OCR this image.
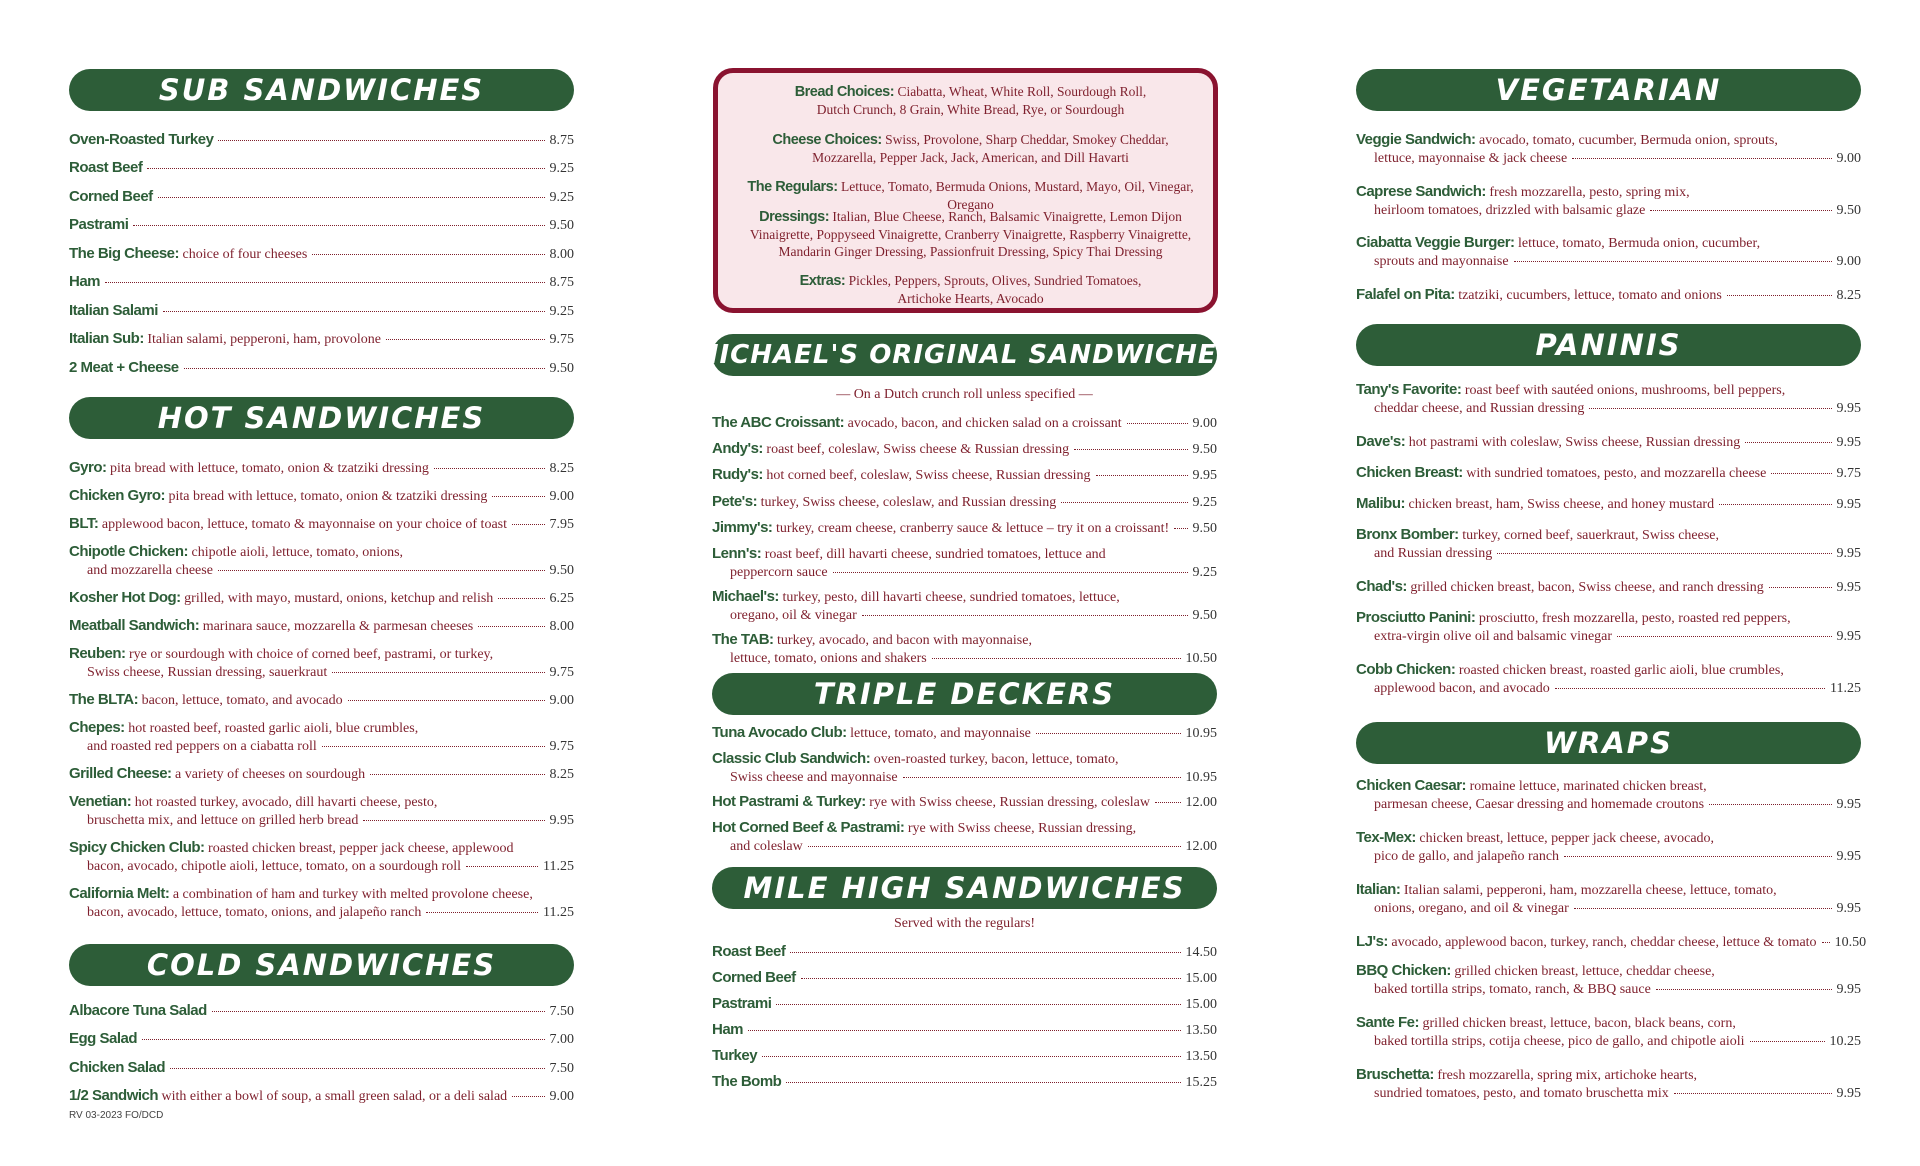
SUB SANDWICHES
Oven-Roasted Turkey	8.75
Roast Beef	9.25
Corned Beef	9.25
Pastrami	9.50
The Big Cheese:
choice of four cheeses	8.00
Ham	8.75
Italian Salami	9.25
Italian Sub:
Italian salami, pepperoni, ham, provolone	9.75
2 Meat + Cheese	9.50
HOT SANDWICHES
Gyro:
pita bread with lettuce, tomato, onion & tzatziki dressing	8.25
Chicken Gyro:
pita bread with lettuce, tomato, onion & tzatziki dressing	9.00
BLT:
applewood bacon, lettuce, tomato & mayonnaise on your choice of toast	7.95
Chipotle Chicken:
chipotle aioli, lettuce, tomato, onions,
and mozzarella cheese	9.50
Kosher Hot Dog:
grilled, with mayo, mustard, onions, ketchup and relish	6.25
Meatball Sandwich:
marinara sauce, mozzarella & parmesan cheeses	8.00
Reuben:
rye or sourdough with choice of corned beef, pastrami, or turkey,
Swiss cheese, Russian dressing, sauerkraut	9.75
The BLTA:
bacon, lettuce, tomato, and avocado	9.00
Chepes:
hot roasted beef, roasted garlic aioli, blue crumbles,
and roasted red peppers on a ciabatta roll	9.75
Grilled Cheese:
a variety of cheeses on sourdough	8.25
Venetian:
hot roasted turkey, avocado, dill havarti cheese, pesto,
bruschetta mix, and lettuce on grilled herb bread	9.95
Spicy Chicken Club:
roasted chicken breast, pepper jack cheese, applewood
bacon, avocado, chipotle aioli, lettuce, tomato, on a sourdough roll	11.25
California Melt:
a combination of ham and turkey with melted provolone cheese,
bacon, avocado, lettuce, tomato, onions, and jalapeño ranch	11.25
COLD SANDWICHES
Albacore Tuna Salad	7.50
Egg Salad	7.00
Chicken Salad	7.50
1/2 Sandwich
with either a bowl of soup, a small green salad, or a deli salad	9.00
Bread Choices: Ciabatta, Wheat, White Roll, Sourdough Roll,
Dutch Crunch, 8 Grain, White Bread, Rye, or Sourdough
Cheese Choices: Swiss, Provolone, Sharp Cheddar, Smokey Cheddar,
Mozzarella, Pepper Jack, Jack, American, and Dill Havarti
The Regulars: Lettuce, Tomato, Bermuda Onions, Mustard, Mayo, Oil, Vinegar, Oregano
Dressings: Italian, Blue Cheese, Ranch, Balsamic Vinaigrette, Lemon Dijon
Vinaigrette, Poppyseed Vinaigrette, Cranberry Vinaigrette, Raspberry Vinaigrette,
Mandarin Ginger Dressing, Passionfruit Dressing, Spicy Thai Dressing
Extras: Pickles, Peppers, Sprouts, Olives, Sundried Tomatoes,
Artichoke Hearts, Avocado
MICHAEL'S ORIGINAL SANDWICHES
— On a Dutch crunch roll unless specified —
The ABC Croissant:
avocado, bacon, and chicken salad on a croissant	9.00
Andy's:
roast beef, coleslaw, Swiss cheese & Russian dressing	9.50
Rudy's:
hot corned beef, coleslaw, Swiss cheese, Russian dressing	9.95
Pete's:
turkey, Swiss cheese, coleslaw, and Russian dressing	9.25
Jimmy's:
turkey, cream cheese, cranberry sauce & lettuce – try it on a croissant! 9.50
Lenn's:
roast beef, dill havarti cheese, sundried tomatoes, lettuce and
peppercorn sauce	9.25
Michael's:
turkey, pesto, dill havarti cheese, sundried tomatoes, lettuce,
oregano, oil & vinegar	9.50
The TAB:
turkey, avocado, and bacon with mayonnaise,
lettuce, tomato, onions and shakers	10.50
TRIPLE DECKERS
Tuna Avocado Club:
lettuce, tomato, and mayonnaise	10.95
Classic Club Sandwich:
oven-roasted turkey, bacon, lettuce, tomato,
Swiss cheese and mayonnaise	10.95
Hot Pastrami & Turkey:
rye with Swiss cheese, Russian dressing, coleslaw	12.00
Hot Corned Beef & Pastrami:
rye with Swiss cheese, Russian dressing,
and coleslaw	12.00
MILE HIGH SANDWICHES
Served with the regulars!
Roast Beef	14.50
Corned Beef	15.00
Pastrami	15.00
Ham	13.50
Turkey	13.50
The Bomb	15.25
VEGETARIAN
Veggie Sandwich:
avocado, tomato, cucumber, Bermuda onion, sprouts,
lettuce, mayonnaise & jack cheese	9.00
Caprese Sandwich:
fresh mozzarella, pesto, spring mix,
heirloom tomatoes, drizzled with balsamic glaze	9.50
Ciabatta Veggie Burger:
lettuce, tomato, Bermuda onion, cucumber,
sprouts and mayonnaise	9.00
Falafel on Pita:
tzatziki, cucumbers, lettuce, tomato and onions	8.25
PANINIS
Tany's Favorite:
roast beef with sautéed onions, mushrooms, bell peppers,
cheddar cheese, and Russian dressing	9.95
Dave's:
hot pastrami with coleslaw, Swiss cheese, Russian dressing	9.95
Chicken Breast:
with sundried tomatoes, pesto, and mozzarella cheese	9.75
Malibu:
chicken breast, ham, Swiss cheese, and honey mustard	9.95
Bronx Bomber:
turkey, corned beef, sauerkraut, Swiss cheese,
and Russian dressing	9.95
Chad's:
grilled chicken breast, bacon, Swiss cheese, and ranch dressing	9.95
Prosciutto Panini:
prosciutto, fresh mozzarella, pesto, roasted red peppers,
extra-virgin olive oil and balsamic vinegar	9.95
Cobb Chicken:
roasted chicken breast, roasted garlic aioli, blue crumbles,
applewood bacon, and avocado	11.25
WRAPS
Chicken Caesar:
romaine lettuce, marinated chicken breast,
parmesan cheese, Caesar dressing and homemade croutons	9.95
Tex-Mex:
chicken breast, lettuce, pepper jack cheese, avocado,
pico de gallo, and jalapeño ranch	9.95
Italian:
Italian salami, pepperoni, ham, mozzarella cheese, lettuce, tomato,
onions, oregano, and oil & vinegar	9.95
LJ's:
avocado, applewood bacon, turkey, ranch, cheddar cheese, lettuce & tomato 10.50
BBQ Chicken:
grilled chicken breast, lettuce, cheddar cheese,
baked tortilla strips, tomato, ranch, & BBQ sauce	9.95
Sante Fe:
grilled chicken breast, lettuce, bacon, black beans, corn,
baked tortilla strips, cotija cheese, pico de gallo, and chipotle aioli	10.25
Bruschetta:
fresh mozzarella, spring mix, artichoke hearts,
sundried tomatoes, pesto, and tomato bruschetta mix	9.95
RV 03-2023 FO/DCD
